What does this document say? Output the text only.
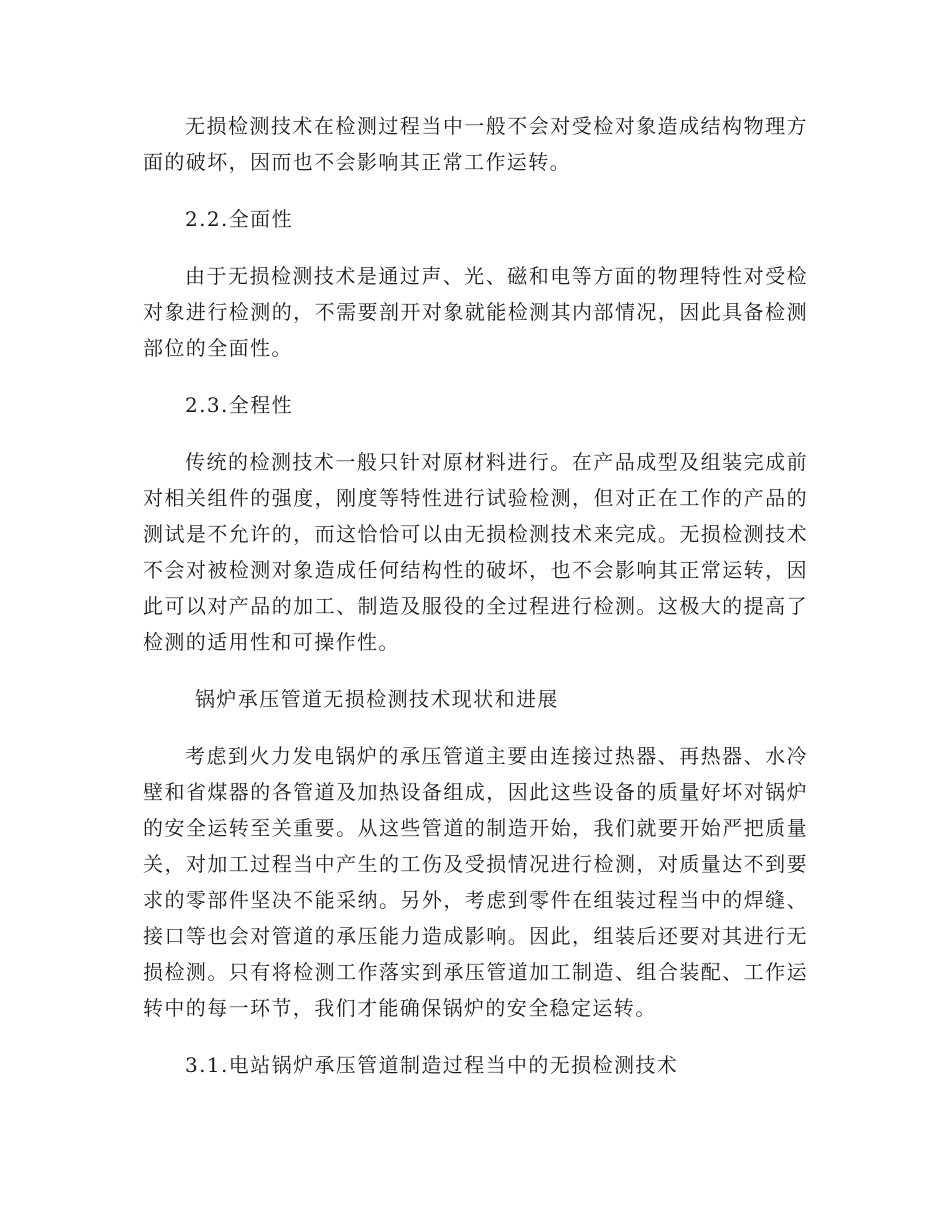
无损检测技术在检测过程当中一般不会对受检对象造成结构物理方面的破坏，因而也不会影响其正常工作运转。

2.2.全面性

由于无损检测技术是通过声、光、磁和电等方面的物理特性对受检对象进行检测的，不需要剖开对象就能检测其内部情况，因此具备检测部位的全面性。

2.3.全程性

传统的检测技术一般只针对原材料进行。在产品成型及组装完成前对相关组件的强度，刚度等特性进行试验检测，但对正在工作的产品的测试是不允许的，而这恰恰可以由无损检测技术来完成。无损检测技术不会对被检测对象造成任何结构性的破坏，也不会影响其正常运转，因此可以对产品的加工、制造及服役的全过程进行检测。这极大的提高了检测的适用性和可操作性。

锅炉承压管道无损检测技术现状和进展

考虑到火力发电锅炉的承压管道主要由连接过热器、再热器、水冷壁和省煤器的各管道及加热设备组成，因此这些设备的质量好坏对锅炉的安全运转至关重要。从这些管道的制造开始，我们就要开始严把质量关，对加工过程当中产生的工伤及受损情况进行检测，对质量达不到要求的零部件坚决不能采纳。另外，考虑到零件在组装过程当中的焊缝、接口等也会对管道的承压能力造成影响。因此，组装后还要对其进行无损检测。只有将检测工作落实到承压管道加工制造、组合装配、工作运转中的每一环节，我们才能确保锅炉的安全稳定运转。

3.1.电站锅炉承压管道制造过程当中的无损检测技术
